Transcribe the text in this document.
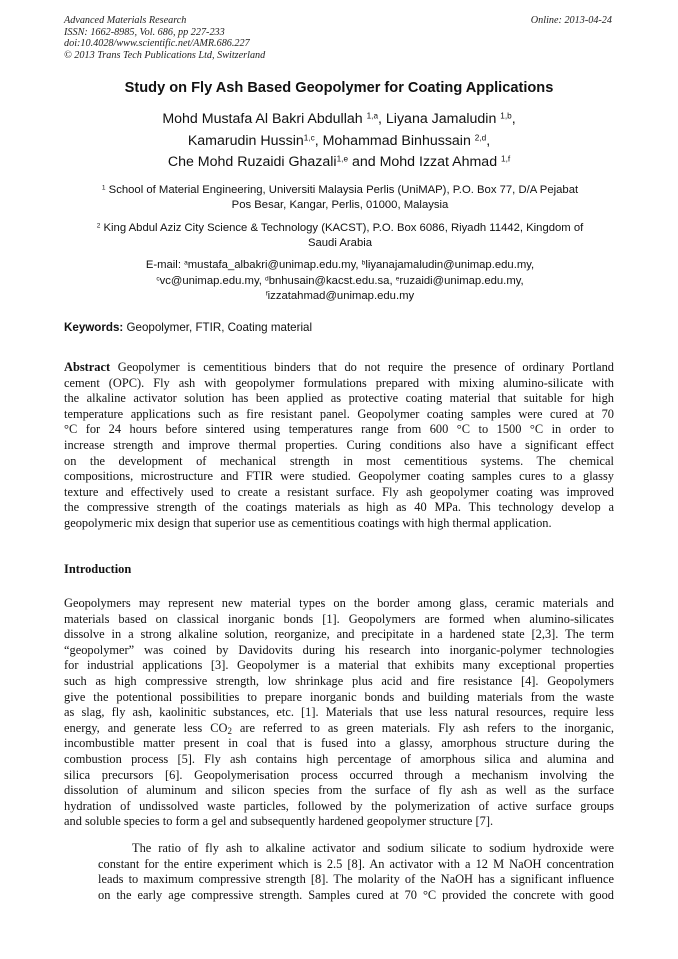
Advanced Materials Research
ISSN: 1662-8985, Vol. 686, pp 227-233
doi:10.4028/www.scientific.net/AMR.686.227
© 2013 Trans Tech Publications Ltd, Switzerland
Online: 2013-04-24
Study on Fly Ash Based Geopolymer for Coating Applications
Mohd Mustafa Al Bakri Abdullah $^{1,a}$, Liyana Jamaludin $^{1,b}$,
Kamarudin Hussin$^{1,c}$, Mohammad Binhussain $^{2,d}$,
Che Mohd Ruzaidi Ghazali$^{1,e}$ and Mohd Izzat Ahmad $^{1,f}$
$^1$ School of Material Engineering, Universiti Malaysia Perlis (UniMAP), P.O. Box 77, D/A Pejabat
Pos Besar, Kangar, Perlis, 01000, Malaysia
$^2$ King Abdul Aziz City Science & Technology (KACST), P.O. Box 6086, Riyadh 11442, Kingdom of
Saudi Arabia
E-mail: $^a$mustafa_albakri@unimap.edu.my, $^b$liyanajamaludin@unimap.edu.my,
$^c$vc@unimap.edu.my, $^d$bnhusain@kacst.edu.sa, $^e$ruzaidi@unimap.edu.my,
$^f$izzatahmad@unimap.edu.my
Keywords: Geopolymer, FTIR, Coating material
Abstract Geopolymer is cementitious binders that do not require the presence of ordinary Portland
cement (OPC). Fly ash with geopolymer formulations prepared with mixing alumino-silicate with
the alkaline activator solution has been applied as protective coating material that suitable for high
temperature applications such as fire resistant panel. Geopolymer coating samples were cured at 70
°C for 24 hours before sintered using temperatures range from 600 °C to 1500 °C in order to
increase strength and improve thermal properties. Curing conditions also have a significant effect
on the development of mechanical strength in most cementitious systems. The chemical
compositions, microstructure and FTIR were studied. Geopolymer coating samples cures to a glassy
texture and effectively used to create a resistant surface. Fly ash geopolymer coating was improved
the compressive strength of the coatings materials as high as 40 MPa. This technology develop a
geopolymeric mix design that superior use as cementitious coatings with high thermal application.
Introduction
Geopolymers may represent new material types on the border among glass, ceramic materials and
materials based on classical inorganic bonds [1]. Geopolymers are formed when alumino-silicates
dissolve in a strong alkaline solution, reorganize, and precipitate in a hardened state [2,3]. The term
“geopolymer” was coined by Davidovits during his research into inorganic-polymer technologies
for industrial applications [3]. Geopolymer is a material that exhibits many exceptional properties
such as high compressive strength, low shrinkage plus acid and fire resistance [4]. Geopolymers
give the potentional possibilities to prepare inorganic bonds and building materials from the waste
as slag, fly ash, kaolinitic substances, etc. [1]. Materials that use less natural resources, require less
energy, and generate less $CO_2$ are referred to as green materials. Fly ash refers to the inorganic,
incombustible matter present in coal that is fused into a glassy, amorphous structure during the
combustion process [5]. Fly ash contains high percentage of amorphous silica and alumina and
silica precursors [6]. Geopolymerisation process occurred through a mechanism involving the
dissolution of aluminum and silicon species from the surface of fly ash as well as the surface
hydration of undissolved waste particles, followed by the polymerization of active surface groups
and soluble species to form a gel and subsequently hardened geopolymer structure [7].
The ratio of fly ash to alkaline activator and sodium silicate to sodium hydroxide were
constant for the entire experiment which is 2.5 [8]. An activator with a 12 M NaOH concentration
leads to maximum compressive strength [8]. The molarity of the NaOH has a significant influence
on the early age compressive strength. Samples cured at 70 °C provided the concrete with good
